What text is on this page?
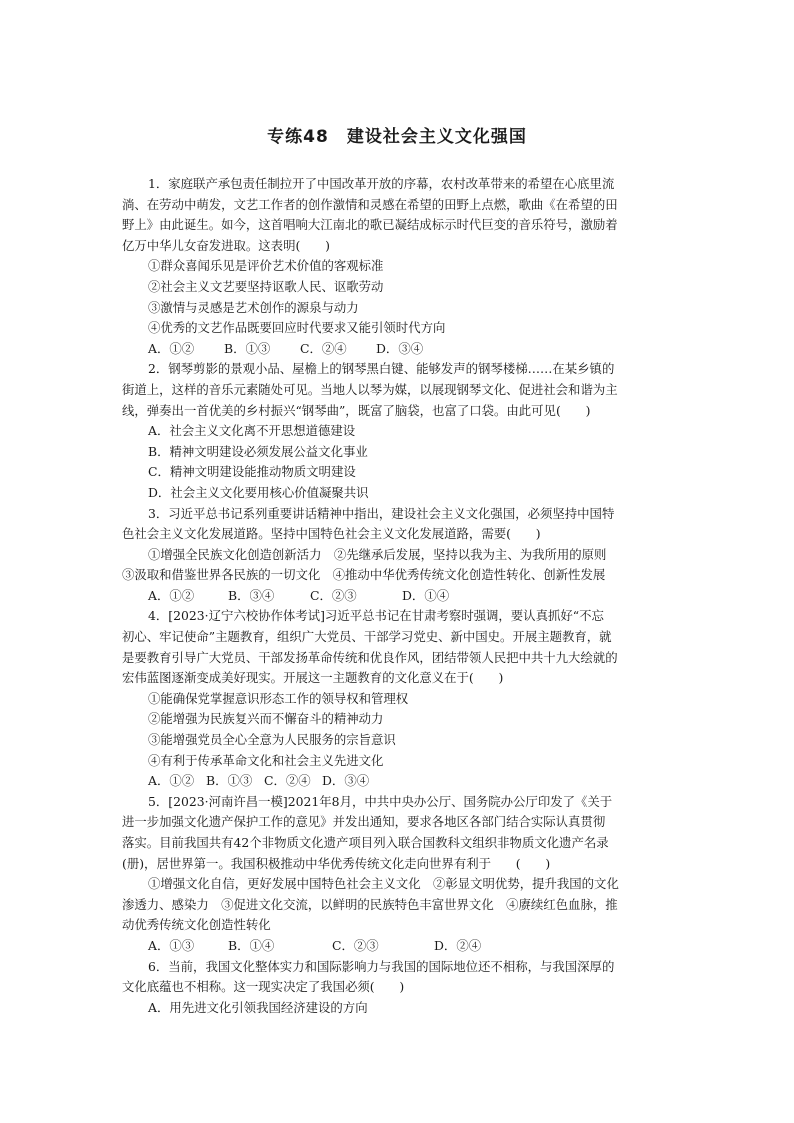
专练48　建设社会主义文化强国
1．家庭联产承包责任制拉开了中国改革开放的序幕，农村改革带来的希望在心底里流
淌、在劳动中萌发，文艺工作者的创作激情和灵感在希望的田野上点燃，歌曲《在希望的田
野上》由此诞生。如今，这首唱响大江南北的歌已凝结成标示时代巨变的音乐符号，激励着
亿万中华儿女奋发进取。这表明(　　)
①群众喜闻乐见是评价艺术价值的客观标准
②社会主义文艺要坚持讴歌人民、讴歌劳动
③激情与灵感是艺术创作的源泉与动力
④优秀的文艺作品既要回应时代要求又能引领时代方向
A．①② B．①③ C．②④ D．③④
2．钢琴剪影的景观小品、屋檐上的钢琴黑白键、能够发声的钢琴楼梯……在某乡镇的
街道上，这样的音乐元素随处可见。当地人以琴为媒，以展现钢琴文化、促进社会和谐为主
线，弹奏出一首优美的乡村振兴“钢琴曲”，既富了脑袋，也富了口袋。由此可见(　　)
A．社会主义文化离不开思想道德建设
B．精神文明建设必须发展公益文化事业
C．精神文明建设能推动物质文明建设
D．社会主义文化要用核心价值凝聚共识
3．习近平总书记系列重要讲话精神中指出，建设社会主义文化强国，必须坚持中国特
色社会主义文化发展道路。坚持中国特色社会主义文化发展道路，需要(　　)
①增强全民族文化创造创新活力　②先继承后发展，坚持以我为主、为我所用的原则
③汲取和借鉴世界各民族的一切文化　④推动中华优秀传统文化创造性转化、创新性发展
A．①②	B．③④	C．②③	D．①④
4．[2023·辽宁六校协作体考试]习近平总书记在甘肃考察时强调，要认真抓好“不忘
初心、牢记使命”主题教育，组织广大党员、干部学习党史、新中国史。开展主题教育，就
是要教育引导广大党员、干部发扬革命传统和优良作风，团结带领人民把中共十九大绘就的
宏伟蓝图逐渐变成美好现实。开展这一主题教育的文化意义在于(　　)
①能确保党掌握意识形态工作的领导权和管理权
②能增强为民族复兴而不懈奋斗的精神动力
③能增强党员全心全意为人民服务的宗旨意识
④有利于传承革命文化和社会主义先进文化
A．①② B．①③ C．②④ D．③④
5．[2023·河南许昌一模]2021年8月，中共中央办公厅、国务院办公厅印发了《关于
进一步加强文化遗产保护工作的意见》并发出通知，要求各地区各部门结合实际认真贯彻
落实。目前我国共有42个非物质文化遗产项目列入联合国教科文组织非物质文化遗产名录
(册)，居世界第一。我国积极推动中华优秀传统文化走向世界有利于　　(　　)
①增强文化自信，更好发展中国特色社会主义文化　②彰显文明优势，提升我国的文化
渗透力、感染力　③促进文化交流，以鲜明的民族特色丰富世界文化　④赓续红色血脉，推
动优秀传统文化创造性转化
A．①③	B．①④	C．②③	D．②④
6．当前，我国文化整体实力和国际影响力与我国的国际地位还不相称，与我国深厚的
文化底蕴也不相称。这一现实决定了我国必须(　　)
A．用先进文化引领我国经济建设的方向
